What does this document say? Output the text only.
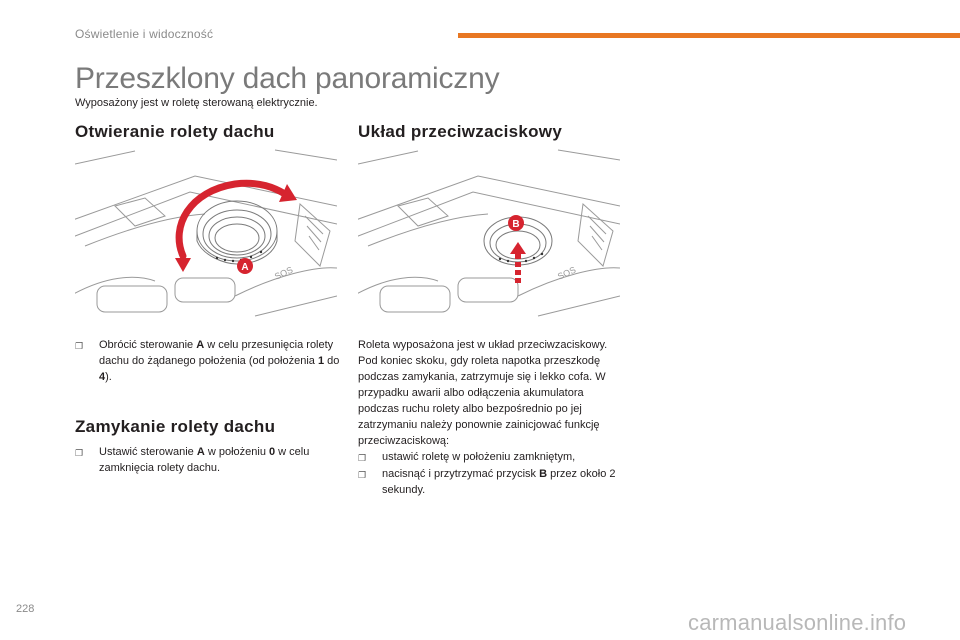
Oświetlenie i widoczność
Przeszklony dach panoramiczny
Wyposażony jest w roletę sterowaną elektrycznie.
Otwieranie rolety dachu	Układ przeciwzaciskowy
SOS
A	SOS
B
❐	Obrócić sterowanie A w celu przesunięcia rolety dachu do żądanego położenia (od położenia 1 do 4).
Zamykanie rolety dachu
❐	Ustawić sterowanie A w położeniu 0 w celu zamknięcia rolety dachu.

Roleta wyposażona jest w układ przeciwzaciskowy.

Pod koniec skoku, gdy roleta napotka przeszkodę podczas zamykania, zatrzymuje się i lekko cofa. W przypadku awarii albo odłączenia akumulatora podczas ruchu rolety albo bezpośrednio po jej zatrzymaniu należy ponownie zainicjować funkcję przeciwzaciskową:

❐	ustawić roletę w położeniu zamkniętym,
❐	nacisnąć i przytrzymać przycisk B przez około 2 sekundy.
228
carmanualsonline.info
